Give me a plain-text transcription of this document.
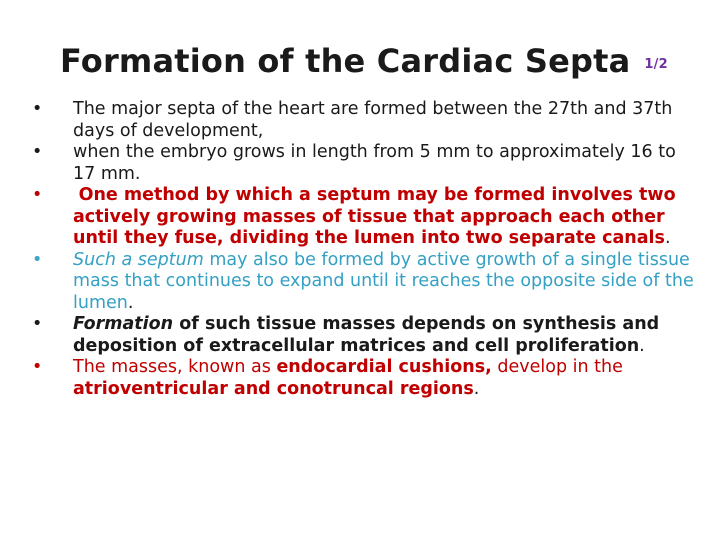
Formation of the Cardiac Septa 1/2
• The major septa of the heart are formed between the 27th and 37th days of development,
• when the embryo grows in length from 5 mm to approximately 16 to 17 mm.
• One method by which a septum may be formed involves two actively growing masses of tissue that approach each other until they fuse, dividing the lumen into two separate canals.
• Such a septum may also be formed by active growth of a single tissue mass that continues to expand until it reaches the opposite side of the lumen.
• Formation of such tissue masses depends on synthesis and deposition of extracellular matrices and cell proliferation.
• The masses, known as endocardial cushions, develop in the atrioventricular and conotruncal regions.
